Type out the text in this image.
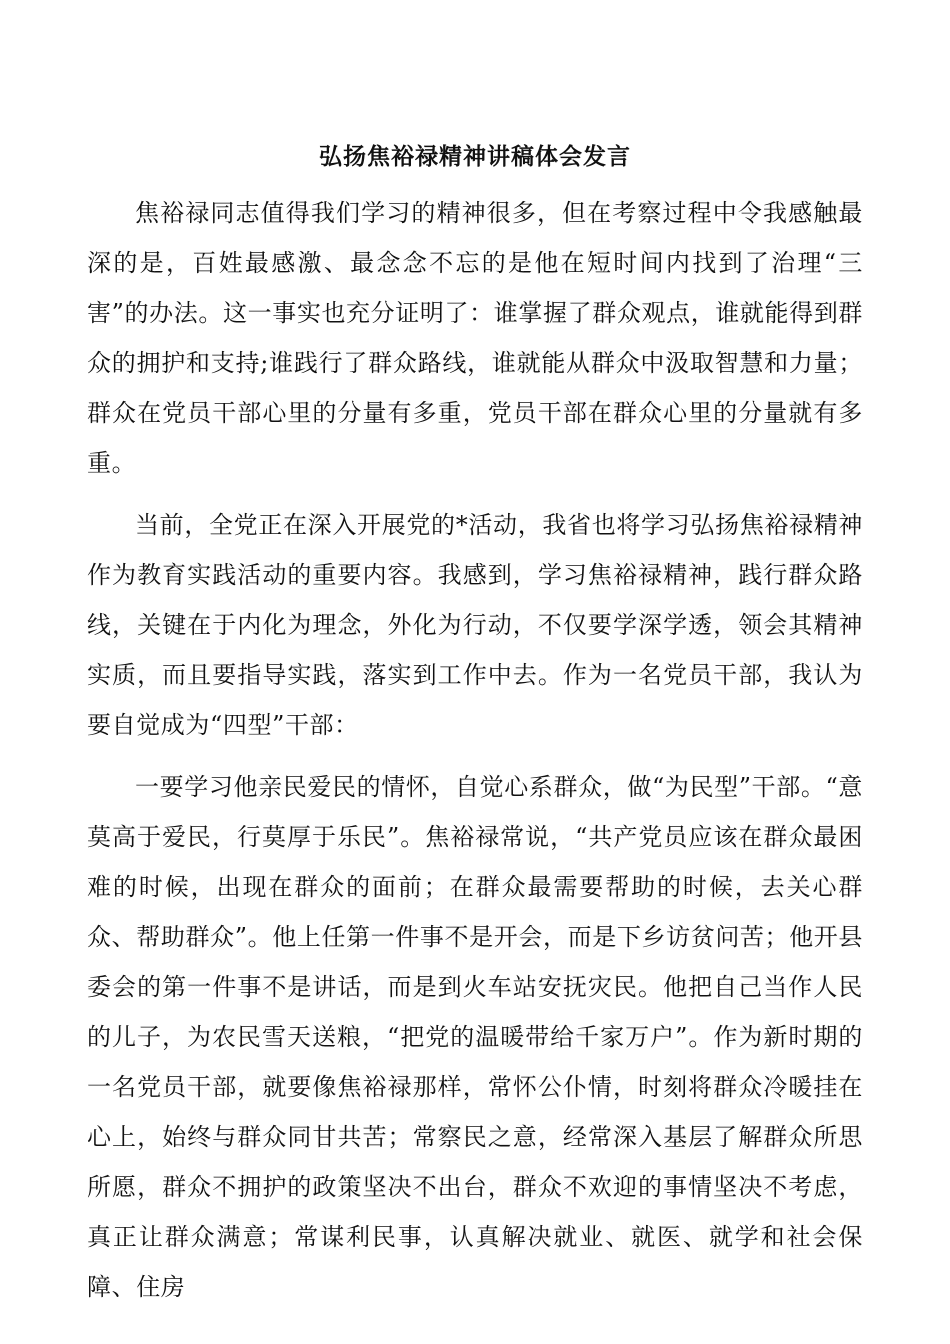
弘扬焦裕禄精神讲稿体会发言

焦裕禄同志值得我们学习的精神很多，但在考察过程中令我感触最深的是，百姓最感激、最念念不忘的是他在短时间内找到了治理“三害”的办法。这一事实也充分证明了：谁掌握了群众观点，谁就能得到群众的拥护和支持;谁践行了群众路线，谁就能从群众中汲取智慧和力量；群众在党员干部心里的分量有多重，党员干部在群众心里的分量就有多重。

当前，全党正在深入开展党的*活动，我省也将学习弘扬焦裕禄精神作为教育实践活动的重要内容。我感到，学习焦裕禄精神，践行群众路线，关键在于内化为理念，外化为行动，不仅要学深学透，领会其精神实质，而且要指导实践，落实到工作中去。作为一名党员干部，我认为要自觉成为“四型”干部：

一要学习他亲民爱民的情怀，自觉心系群众，做“为民型”干部。“意莫高于爱民，行莫厚于乐民”。焦裕禄常说，“共产党员应该在群众最困难的时候，出现在群众的面前；在群众最需要帮助的时候，去关心群众、帮助群众”。他上任第一件事不是开会，而是下乡访贫问苦；他开县委会的第一件事不是讲话，而是到火车站安抚灾民。他把自己当作人民的儿子，为农民雪天送粮，“把党的温暖带给千家万户”。作为新时期的一名党员干部，就要像焦裕禄那样，常怀公仆情，时刻将群众冷暖挂在心上，始终与群众同甘共苦；常察民之意，经常深入基层了解群众所思所愿，群众不拥护的政策坚决不出台，群众不欢迎的事情坚决不考虑，真正让群众满意；常谋利民事，认真解决就业、就医、就学和社会保障、住房
